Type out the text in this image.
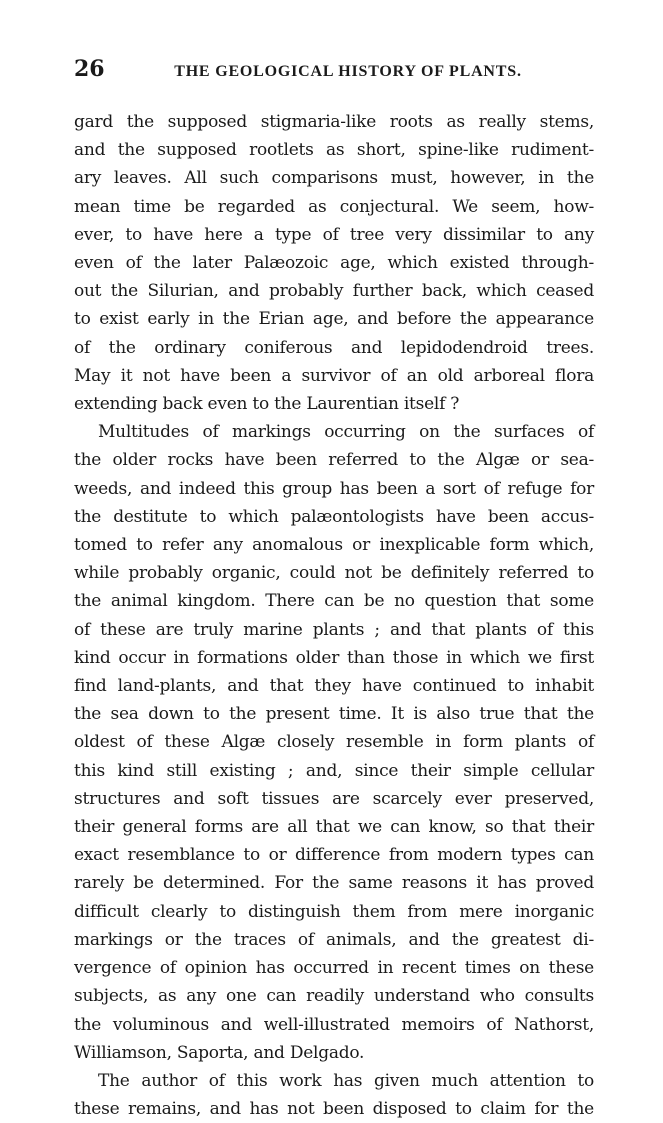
26	THE GEOLOGICAL HISTORY OF PLANTS.
gard the supposed stigmaria-like roots as really stems,
and the supposed rootlets as short, spine-like rudiment-
ary leaves. All such comparisons must, however, in the
mean time be regarded as conjectural. We seem, how-
ever, to have here a type of tree very dissimilar to any
even of the later Palæozoic age, which existed through-
out the Silurian, and probably further back, which ceased
to exist early in the Erian age, and before the appearance
of the ordinary coniferous and lepidodendroid trees.
May it not have been a survivor of an old arboreal flora
extending back even to the Laurentian itself ?
Multitudes of markings occurring on the surfaces of
the older rocks have been referred to the Algæ or sea-
weeds, and indeed this group has been a sort of refuge for
the destitute to which palæontologists have been accus-
tomed to refer any anomalous or inexplicable form which,
while probably organic, could not be definitely referred to
the animal kingdom. There can be no question that some
of these are truly marine plants ; and that plants of this
kind occur in formations older than those in which we first
find land-plants, and that they have continued to inhabit
the sea down to the present time. It is also true that the
oldest of these Algæ closely resemble in form plants of
this kind still existing ; and, since their simple cellular
structures and soft tissues are scarcely ever preserved,
their general forms are all that we can know, so that their
exact resemblance to or difference from modern types can
rarely be determined. For the same reasons it has proved
difficult clearly to distinguish them from mere inorganic
markings or the traces of animals, and the greatest di-
vergence of opinion has occurred in recent times on these
subjects, as any one can readily understand who consults
the voluminous and well-illustrated memoirs of Nathorst,
Williamson, Saporta, and Delgado.
The author of this work has given much attention to
these remains, and has not been disposed to claim for the
